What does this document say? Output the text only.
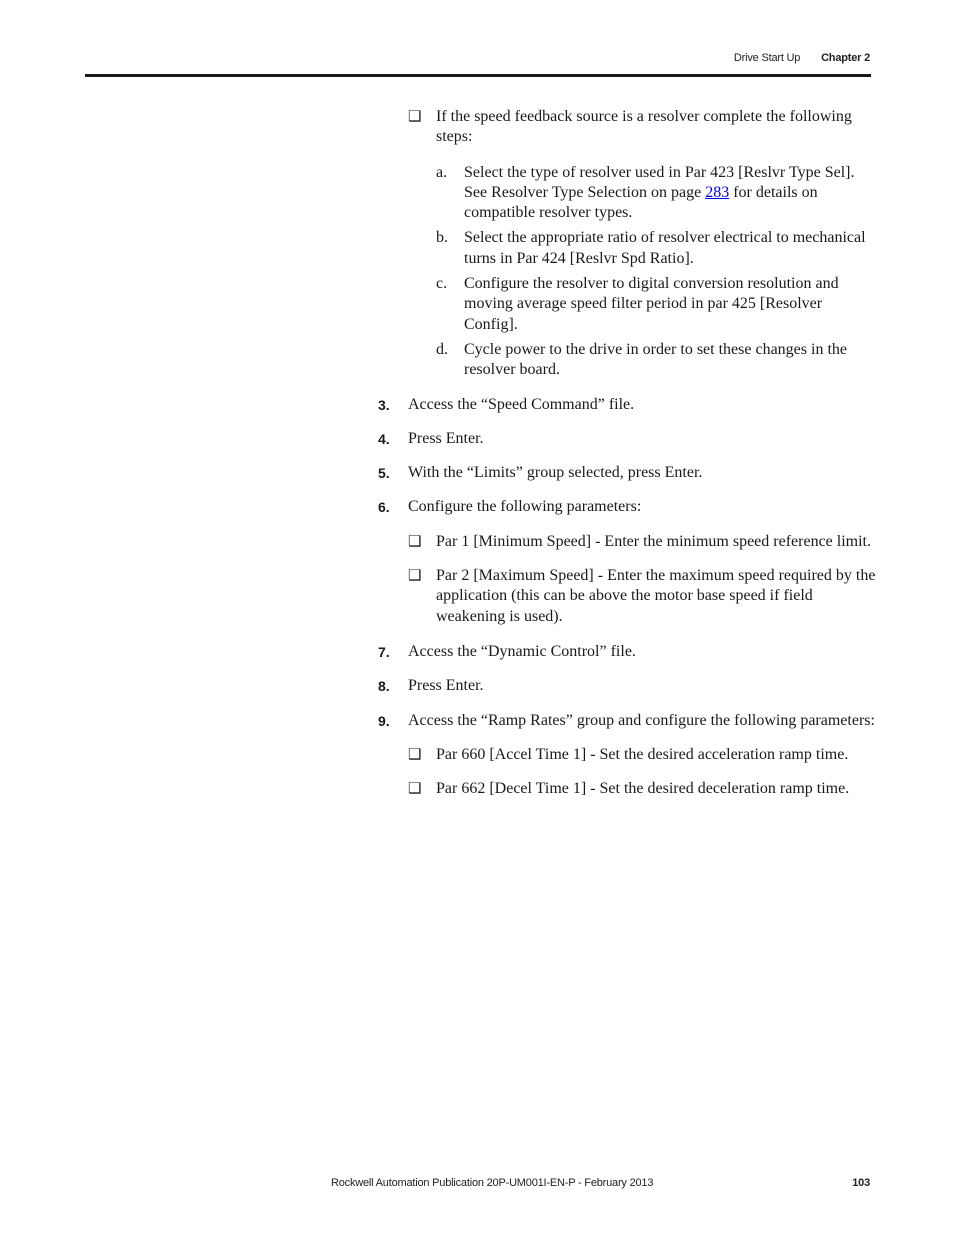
Drive Start Up Chapter 2
❑ If the speed feedback source is a resolver complete the following steps:
a. Select the type of resolver used in Par 423 [Reslvr Type Sel]. See Resolver Type Selection on page 283 for details on compatible resolver types.
b. Select the appropriate ratio of resolver electrical to mechanical turns in Par 424 [Reslvr Spd Ratio].
c. Configure the resolver to digital conversion resolution and moving average speed filter period in par 425 [Resolver Config].
d. Cycle power to the drive in order to set these changes in the resolver board.
3. Access the “Speed Command” file.
4. Press Enter.
5. With the “Limits” group selected, press Enter.
6. Configure the following parameters:
❑ Par 1 [Minimum Speed] - Enter the minimum speed reference limit.
❑ Par 2 [Maximum Speed] - Enter the maximum speed required by the application (this can be above the motor base speed if field weakening is used).
7. Access the “Dynamic Control” file.
8. Press Enter.
9. Access the “Ramp Rates” group and configure the following parameters:
❑ Par 660 [Accel Time 1] - Set the desired acceleration ramp time.
❑ Par 662 [Decel Time 1] - Set the desired deceleration ramp time.
Rockwell Automation Publication 20P-UM001I-EN-P - February 2013	103
